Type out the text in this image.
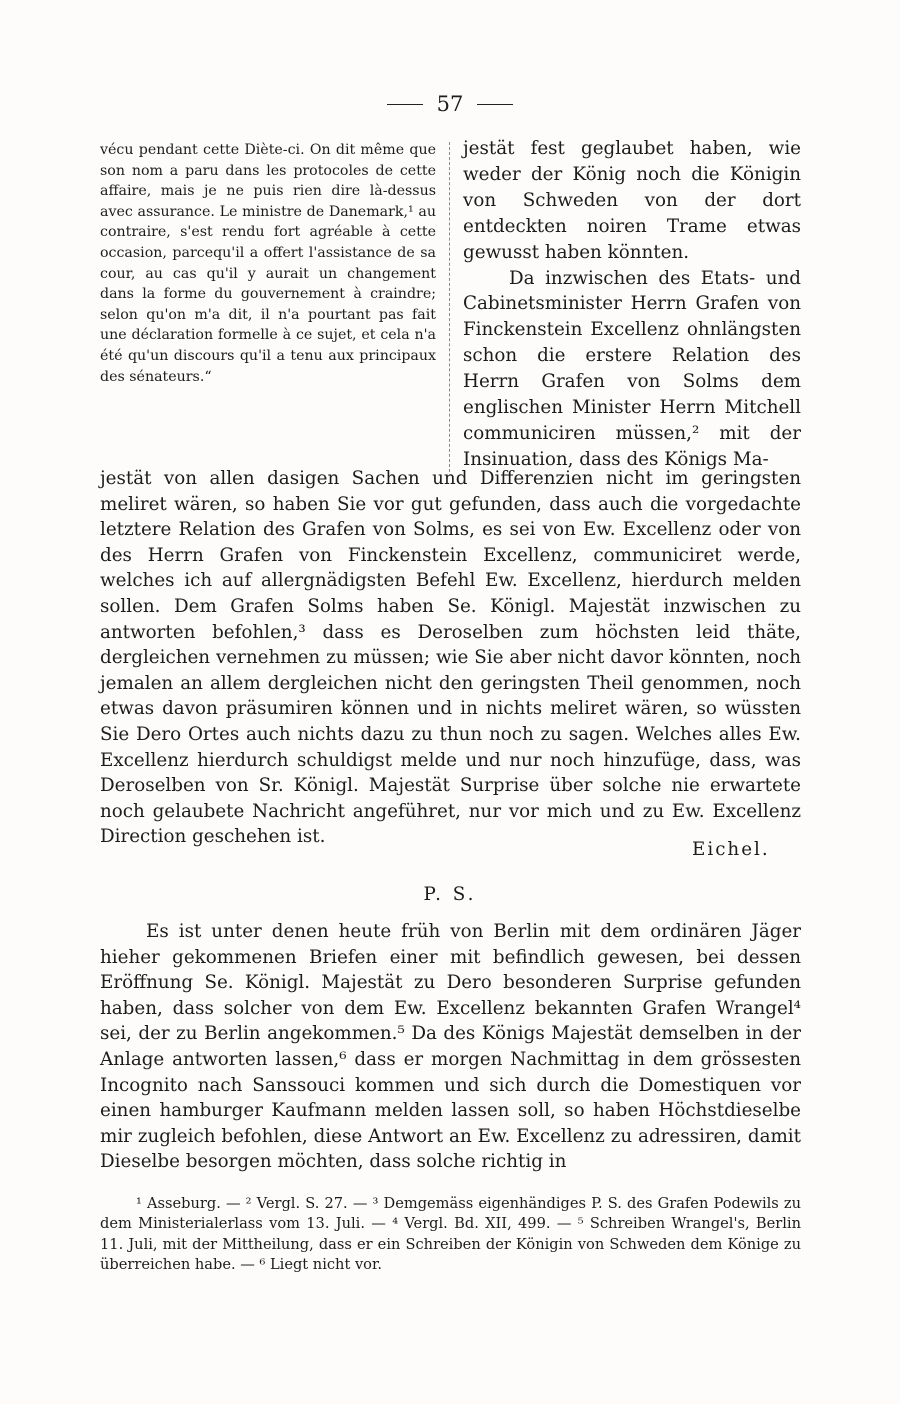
57

vécu pendant cette Diète-ci. On dit même que son nom a paru dans les protocoles de cette affaire, mais je ne puis rien dire là-dessus avec assurance. Le ministre de Danemark,¹ au contraire, s'est rendu fort agréable à cette occasion, parcequ'il a offert l'assistance de sa cour, au cas qu'il y aurait un changement dans la forme du gouvernement à craindre; selon qu'on m'a dit, il n'a pourtant pas fait une déclaration formelle à ce sujet, et cela n'a été qu'un discours qu'il a tenu aux principaux des sénateurs.“

jestät fest geglaubet haben, wie weder der König noch die Königin von Schweden von der dort entdeckten noiren Trame etwas gewusst haben könnten.

Da inzwischen des Etats- und Cabinetsminister Herrn Grafen von Finckenstein Excellenz ohnlängsten schon die erstere Relation des Herrn Grafen von Solms dem englischen Minister Herrn Mitchell communiciren müssen,² mit der Insinuation, dass des Königs Ma-

jestät von allen dasigen Sachen und Differenzien nicht im geringsten meliret wären, so haben Sie vor gut gefunden, dass auch die vorgedachte letztere Relation des Grafen von Solms, es sei von Ew. Excellenz oder von des Herrn Grafen von Finckenstein Excellenz, communiciret werde, welches ich auf allergnädigsten Befehl Ew. Excellenz, hierdurch melden sollen. Dem Grafen Solms haben Se. Königl. Majestät inzwischen zu antworten befohlen,³ dass es Deroselben zum höchsten leid thäte, dergleichen vernehmen zu müssen; wie Sie aber nicht davor könnten, noch jemalen an allem dergleichen nicht den geringsten Theil genommen, noch etwas davon präsumiren können und in nichts meliret wären, so wüssten Sie Dero Ortes auch nichts dazu zu thun noch zu sagen. Welches alles Ew. Excellenz hierdurch schuldigst melde und nur noch hinzufüge, dass, was Deroselben von Sr. Königl. Majestät Surprise über solche nie erwartete noch gelaubete Nachricht angeführet, nur vor mich und zu Ew. Excellenz Direction geschehen ist.

Eichel.
P. S.

Es ist unter denen heute früh von Berlin mit dem ordinären Jäger hieher gekommenen Briefen einer mit befindlich gewesen, bei dessen Eröffnung Se. Königl. Majestät zu Dero besonderen Surprise gefunden haben, dass solcher von dem Ew. Excellenz bekannten Grafen Wrangel⁴ sei, der zu Berlin angekommen.⁵ Da des Königs Majestät demselben in der Anlage antworten lassen,⁶ dass er morgen Nachmittag in dem grössesten Incognito nach Sanssouci kommen und sich durch die Domestiquen vor einen hamburger Kaufmann melden lassen soll, so haben Höchstdieselbe mir zugleich befohlen, diese Antwort an Ew. Excellenz zu adressiren, damit Dieselbe besorgen möchten, dass solche richtig in

¹ Asseburg. — ² Vergl. S. 27. — ³ Demgemäss eigenhändiges P. S. des Grafen Podewils zu dem Ministerialerlass vom 13. Juli. — ⁴ Vergl. Bd. XII, 499. — ⁵ Schreiben Wrangel's, Berlin 11. Juli, mit der Mittheilung, dass er ein Schreiben der Königin von Schweden dem Könige zu überreichen habe. — ⁶ Liegt nicht vor.
